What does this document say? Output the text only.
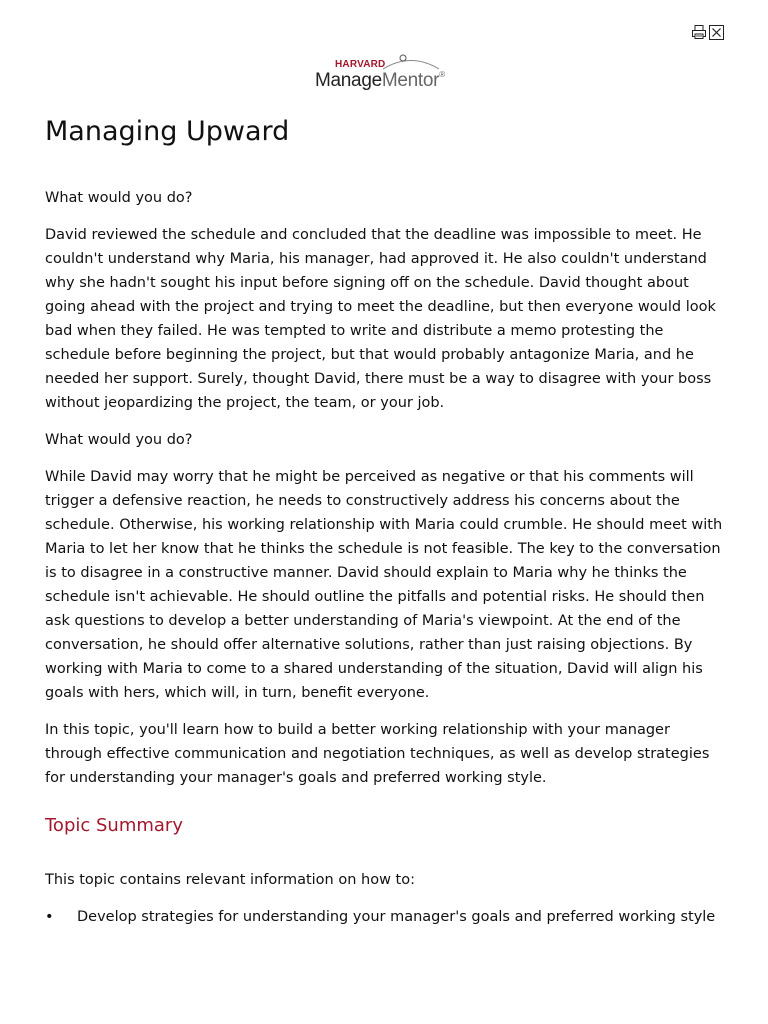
HARVARD
ManageMentor®
Managing Upward
What would you do?

David reviewed the schedule and concluded that the deadline was impossible to meet. He couldn't understand why Maria, his manager, had approved it. He also couldn't understand why she hadn't sought his input before signing off on the schedule. David thought about going ahead with the project and trying to meet the deadline, but then everyone would look bad when they failed. He was tempted to write and distribute a memo protesting the schedule before beginning the project, but that would probably antagonize Maria, and he needed her support. Surely, thought David, there must be a way to disagree with your boss without jeopardizing the project, the team, or your job.

What would you do?

While David may worry that he might be perceived as negative or that his comments will trigger a defensive reaction, he needs to constructively address his concerns about the schedule. Otherwise, his working relationship with Maria could crumble. He should meet with Maria to let her know that he thinks the schedule is not feasible. The key to the conversation is to disagree in a constructive manner. David should explain to Maria why he thinks the schedule isn't achievable. He should outline the pitfalls and potential risks. He should then ask questions to develop a better understanding of Maria's viewpoint. At the end of the conversation, he should offer alternative solutions, rather than just raising objections. By working with Maria to come to a shared understanding of the situation, David will align his goals with hers, which will, in turn, benefit everyone.

In this topic, you'll learn how to build a better working relationship with your manager through effective communication and negotiation techniques, as well as develop strategies for understanding your manager's goals and preferred working style.

Topic Summary

This topic contains relevant information on how to:

•	Develop strategies for understanding your manager's goals and preferred working style
